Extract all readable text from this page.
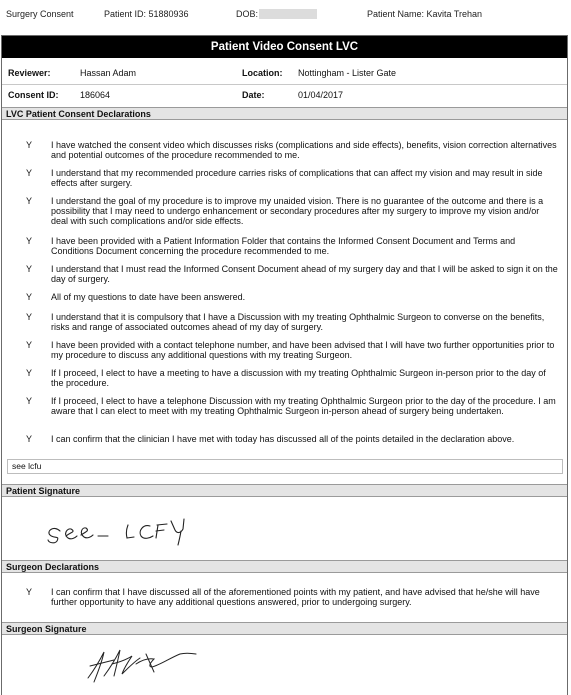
Surgery Consent	Patient ID: 51880936	DOB:	Patient Name: Kavita Trehan
Patient Video Consent LVC
Reviewer:	Hassan Adam	Location: Nottingham - Lister Gate
Consent ID: 186064	Date:	01/04/2017
LVC Patient Consent Declarations
Y I have watched the consent video which discusses risks (complications and side effects), benefits, vision correction alternatives and potential outcomes of the procedure recommended to me.
Y I understand that my recommended procedure carries risks of complications that can affect my vision and may result in side effects after surgery.
Y I understand the goal of my procedure is to improve my unaided vision. There is no guarantee of the outcome and there is a possibility that I may need to undergo enhancement or secondary procedures after my surgery to improve my vision and/or deal with such complications and/or side effects.
Y I have been provided with a Patient Information Folder that contains the Informed Consent Document and Terms and Conditions Document concerning the procedure recommended to me.
Y I understand that I must read the Informed Consent Document ahead of my surgery day and that I will be asked to sign it on the day of surgery.
Y All of my questions to date have been answered.
Y I understand that it is compulsory that I have a Discussion with my treating Ophthalmic Surgeon to converse on the benefits, risks and range of associated outcomes ahead of my day of surgery.
Y I have been provided with a contact telephone number, and have been advised that I will have two further opportunities prior to my procedure to discuss any additional questions with my treating Surgeon.
Y If I proceed, I elect to have a meeting to have a discussion with my treating Ophthalmic Surgeon in-person prior to the day of the procedure.
Y If I proceed, I elect to have a telephone Discussion with my treating Ophthalmic Surgeon prior to the day of the procedure. I am aware that I can elect to meet with my treating Ophthalmic Surgeon in-person ahead of surgery being undertaken.
Y I can confirm that the clinician I have met with today has discussed all of the points detailed in the declaration above.
see lcfu
Patient Signature
Surgeon Declarations
Y I can confirm that I have discussed all of the aforementioned points with my patient, and have advised that he/she will have further opportunity to have any additional questions answered, prior to undergoing surgery.
Surgeon Signature
